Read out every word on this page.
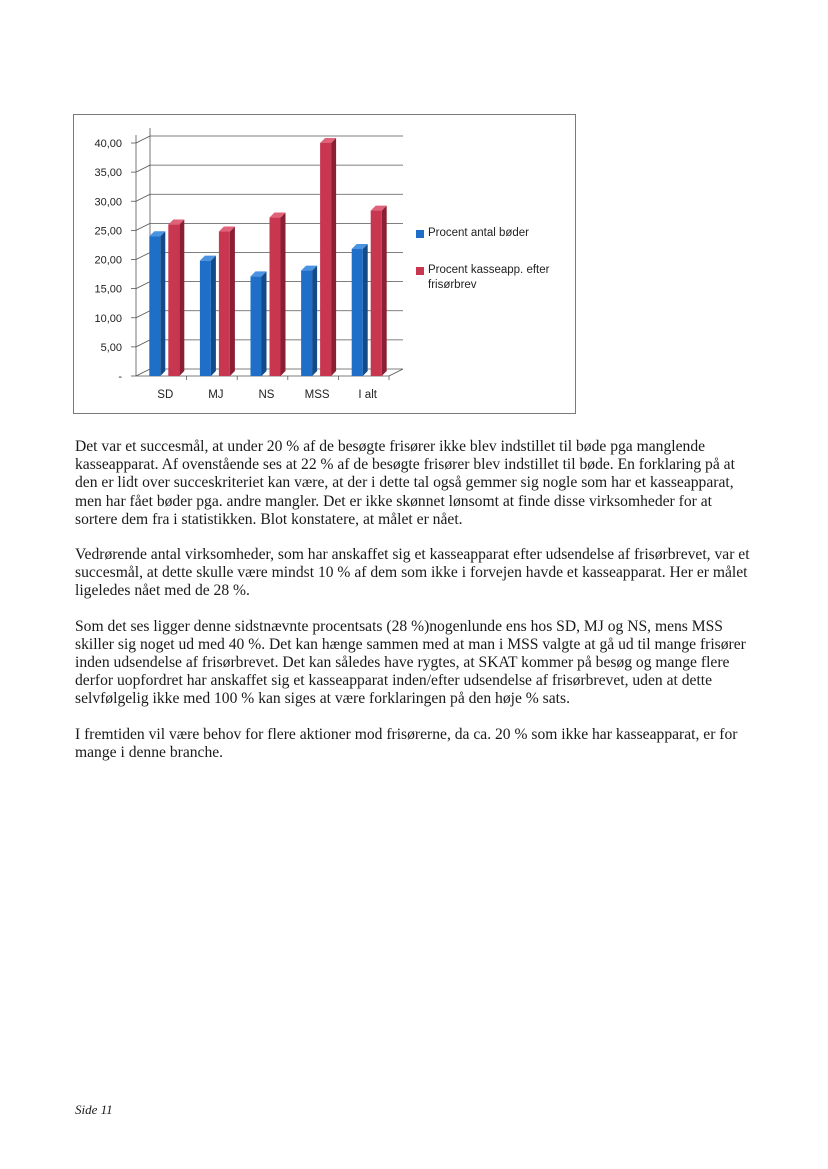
-
5,00
10,00
15,00
20,00
25,00
30,00
35,00
40,00
SD	MJ	NS	MSS	I alt
Procent antal bøder
Procent kasseapp. efter frisørbrev

Det var et succesmål, at under 20 % af de besøgte frisører ikke blev indstillet til bøde pga manglende kasseapparat. Af ovenstående ses at 22 % af de besøgte frisører blev indstillet til bøde. En forklaring på at den er lidt over succeskriteriet kan være, at der i dette tal også gemmer sig nogle som har et kasseapparat, men har fået bøder pga. andre mangler. Det er ikke skønnet lønsomt at finde disse virksomheder for at sortere dem fra i statistikken. Blot konstatere, at målet er nået.

Vedrørende antal virksomheder, som har anskaffet sig et kasseapparat efter udsendelse af frisørbrevet, var et succesmål, at dette skulle være mindst 10 % af dem som ikke i forvejen havde et kasseapparat. Her er målet ligeledes nået med de 28 %.

Som det ses ligger denne sidstnævnte procentsats (28 %)nogenlunde ens hos SD, MJ og NS, mens MSS skiller sig noget ud med 40 %. Det kan hænge sammen med at man i MSS valgte at gå ud til mange frisører inden udsendelse af frisørbrevet. Det kan således have rygtes, at SKAT kommer på besøg og mange flere derfor uopfordret har anskaffet sig et kasseapparat inden/efter udsendelse af frisørbrevet, uden at dette selvfølgelig ikke med 100 % kan siges at være forklaringen på den høje % sats.

I fremtiden vil være behov for flere aktioner mod frisørerne, da ca. 20 % som ikke har kasseapparat, er for mange i denne branche.

Side 11
